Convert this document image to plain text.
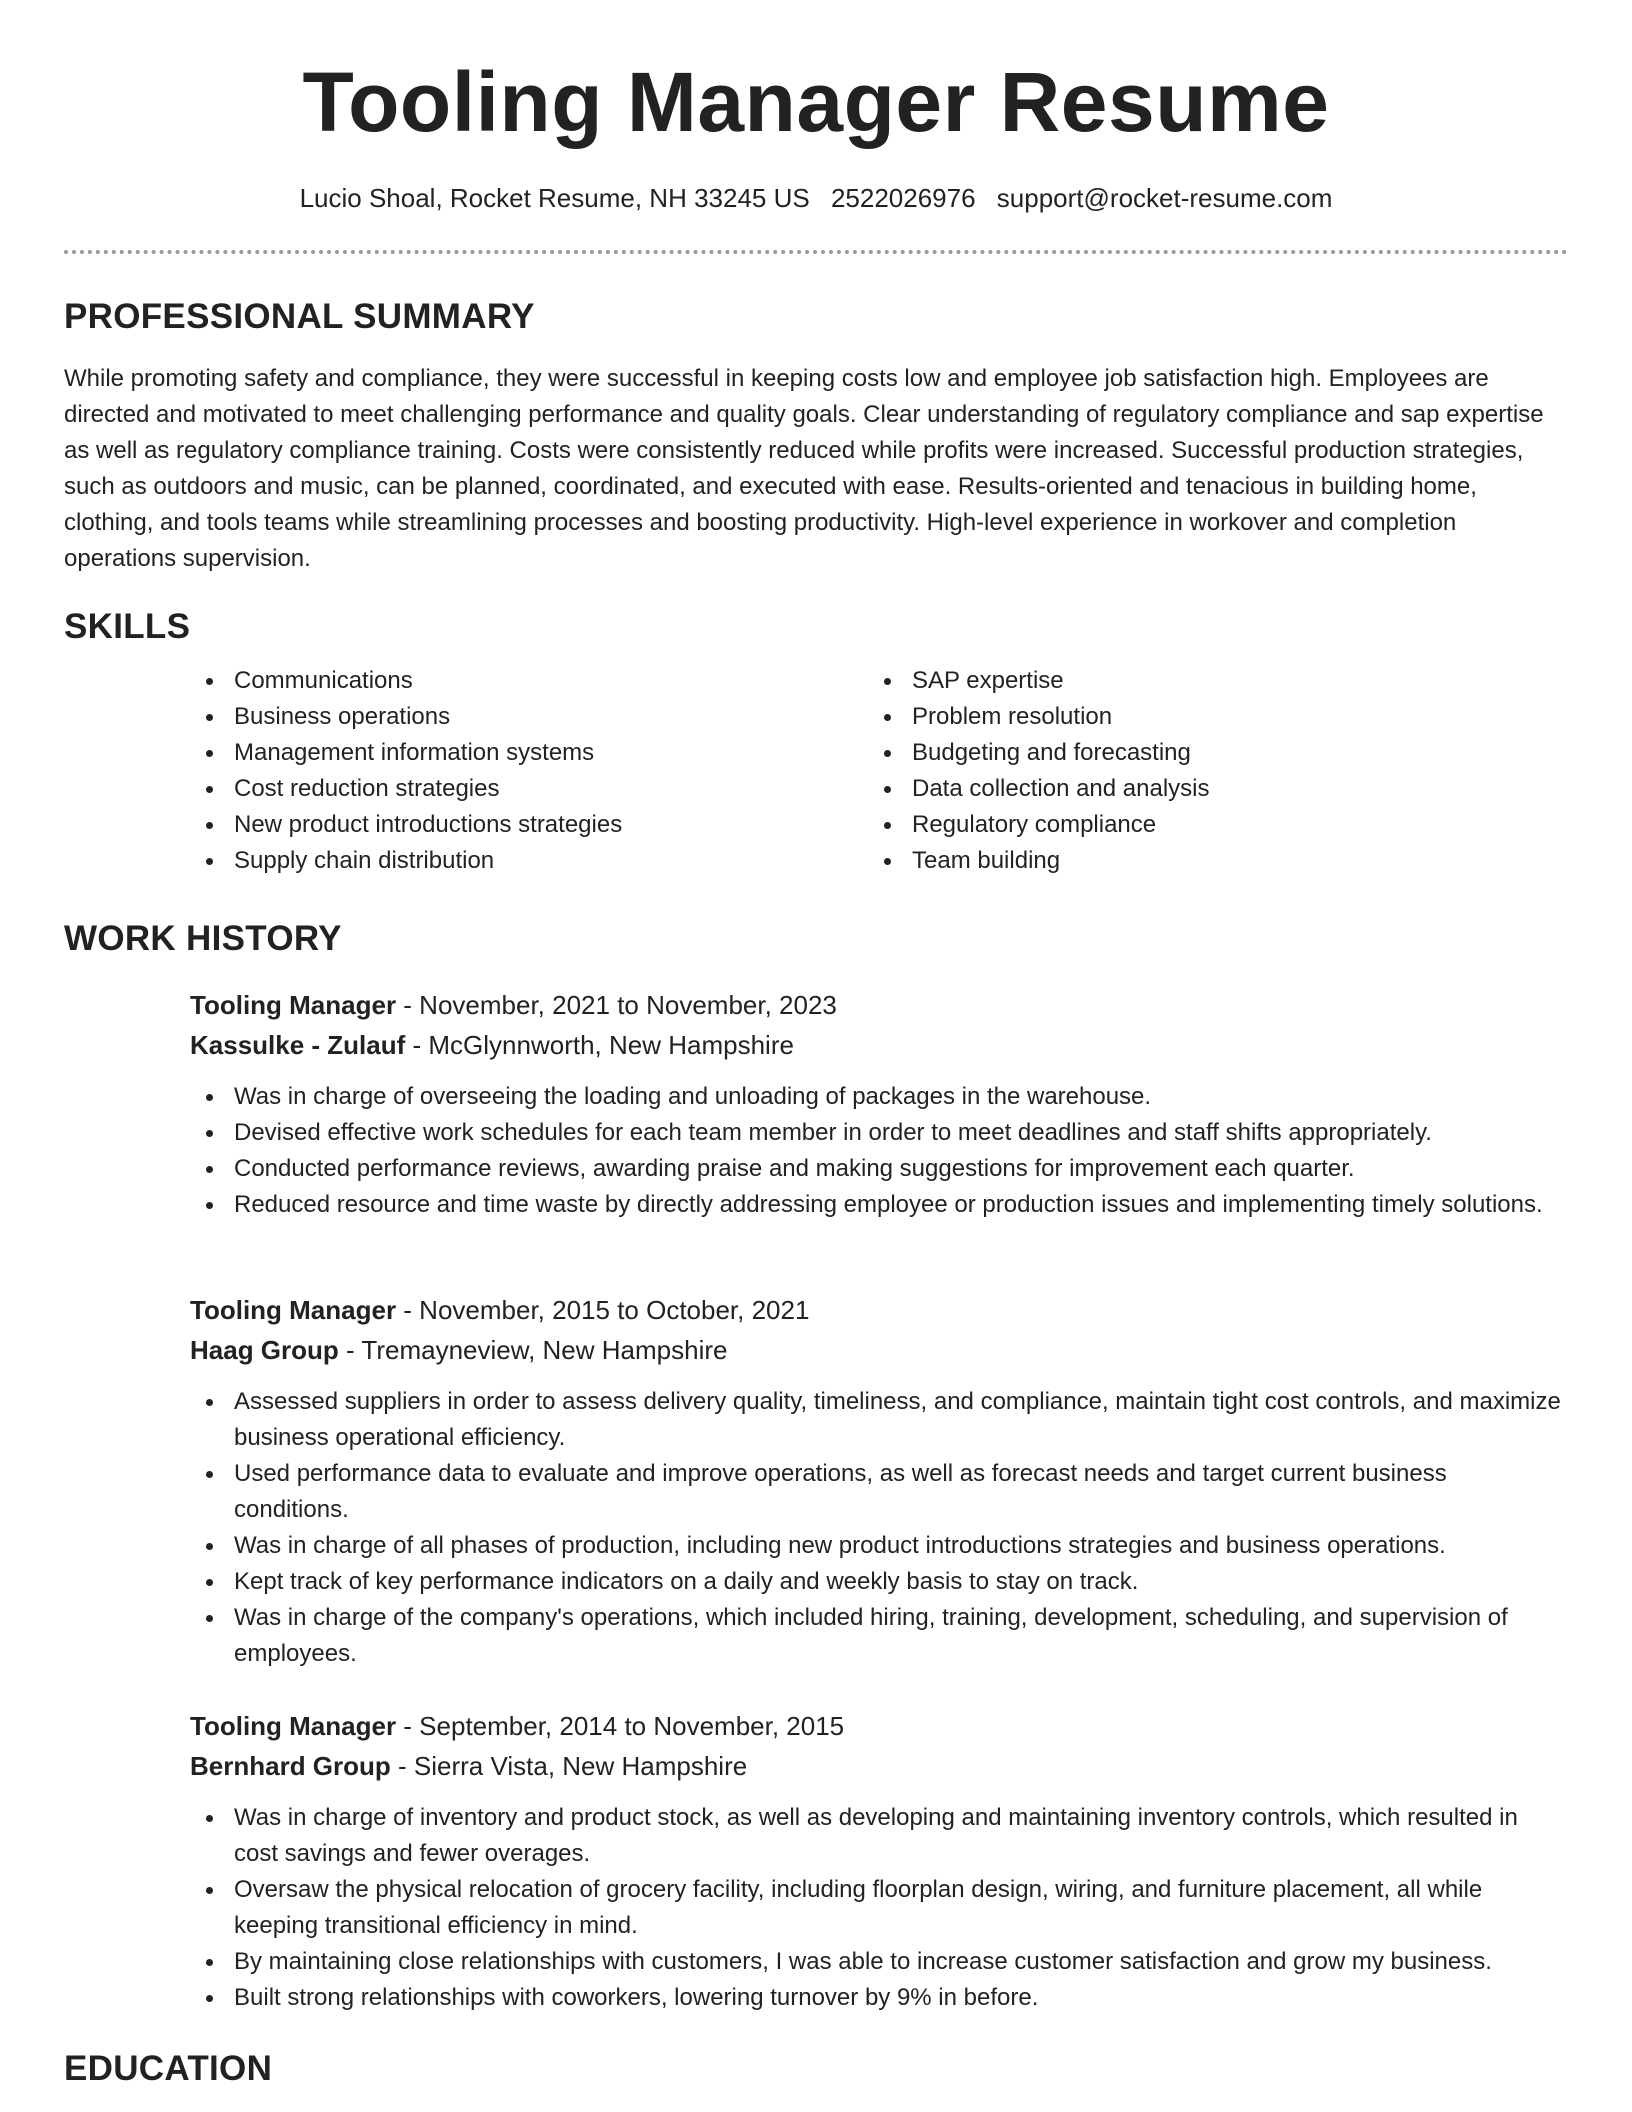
Tooling Manager Resume
Lucio Shoal, Rocket Resume, NH 33245 US 2522026976 support@rocket-resume.com
PROFESSIONAL SUMMARY

While promoting safety and compliance, they were successful in keeping costs low and employee job satisfaction high. Employees are directed and motivated to meet challenging performance and quality goals. Clear understanding of regulatory compliance and sap expertise as well as regulatory compliance training. Costs were consistently reduced while profits were increased. Successful production strategies, such as outdoors and music, can be planned, coordinated, and executed with ease. Results-oriented and tenacious in building home, clothing, and tools teams while streamlining processes and boosting productivity. High-level experience in workover and completion operations supervision.

SKILLS
Communications
Business operations
Management information systems
Cost reduction strategies
New product introductions strategies
Supply chain distribution
SAP expertise
Problem resolution
Budgeting and forecasting
Data collection and analysis
Regulatory compliance
Team building
WORK HISTORY
Tooling Manager - November, 2021 to November, 2023
Kassulke - Zulauf - McGlynnworth, New Hampshire
Was in charge of overseeing the loading and unloading of packages in the warehouse.
Devised effective work schedules for each team member in order to meet deadlines and staff shifts appropriately.
Conducted performance reviews, awarding praise and making suggestions for improvement each quarter.
Reduced resource and time waste by directly addressing employee or production issues and implementing timely solutions.
Tooling Manager - November, 2015 to October, 2021
Haag Group - Tremayneview, New Hampshire
Assessed suppliers in order to assess delivery quality, timeliness, and compliance, maintain tight cost controls, and maximize business operational efficiency.
Used performance data to evaluate and improve operations, as well as forecast needs and target current business conditions.
Was in charge of all phases of production, including new product introductions strategies and business operations.
Kept track of key performance indicators on a daily and weekly basis to stay on track.
Was in charge of the company's operations, which included hiring, training, development, scheduling, and supervision of employees.
Tooling Manager - September, 2014 to November, 2015
Bernhard Group - Sierra Vista, New Hampshire
Was in charge of inventory and product stock, as well as developing and maintaining inventory controls, which resulted in cost savings and fewer overages.
Oversaw the physical relocation of grocery facility, including floorplan design, wiring, and furniture placement, all while keeping transitional efficiency in mind.
By maintaining close relationships with customers, I was able to increase customer satisfaction and grow my business.
Built strong relationships with coworkers, lowering turnover by 9% in before.
EDUCATION
